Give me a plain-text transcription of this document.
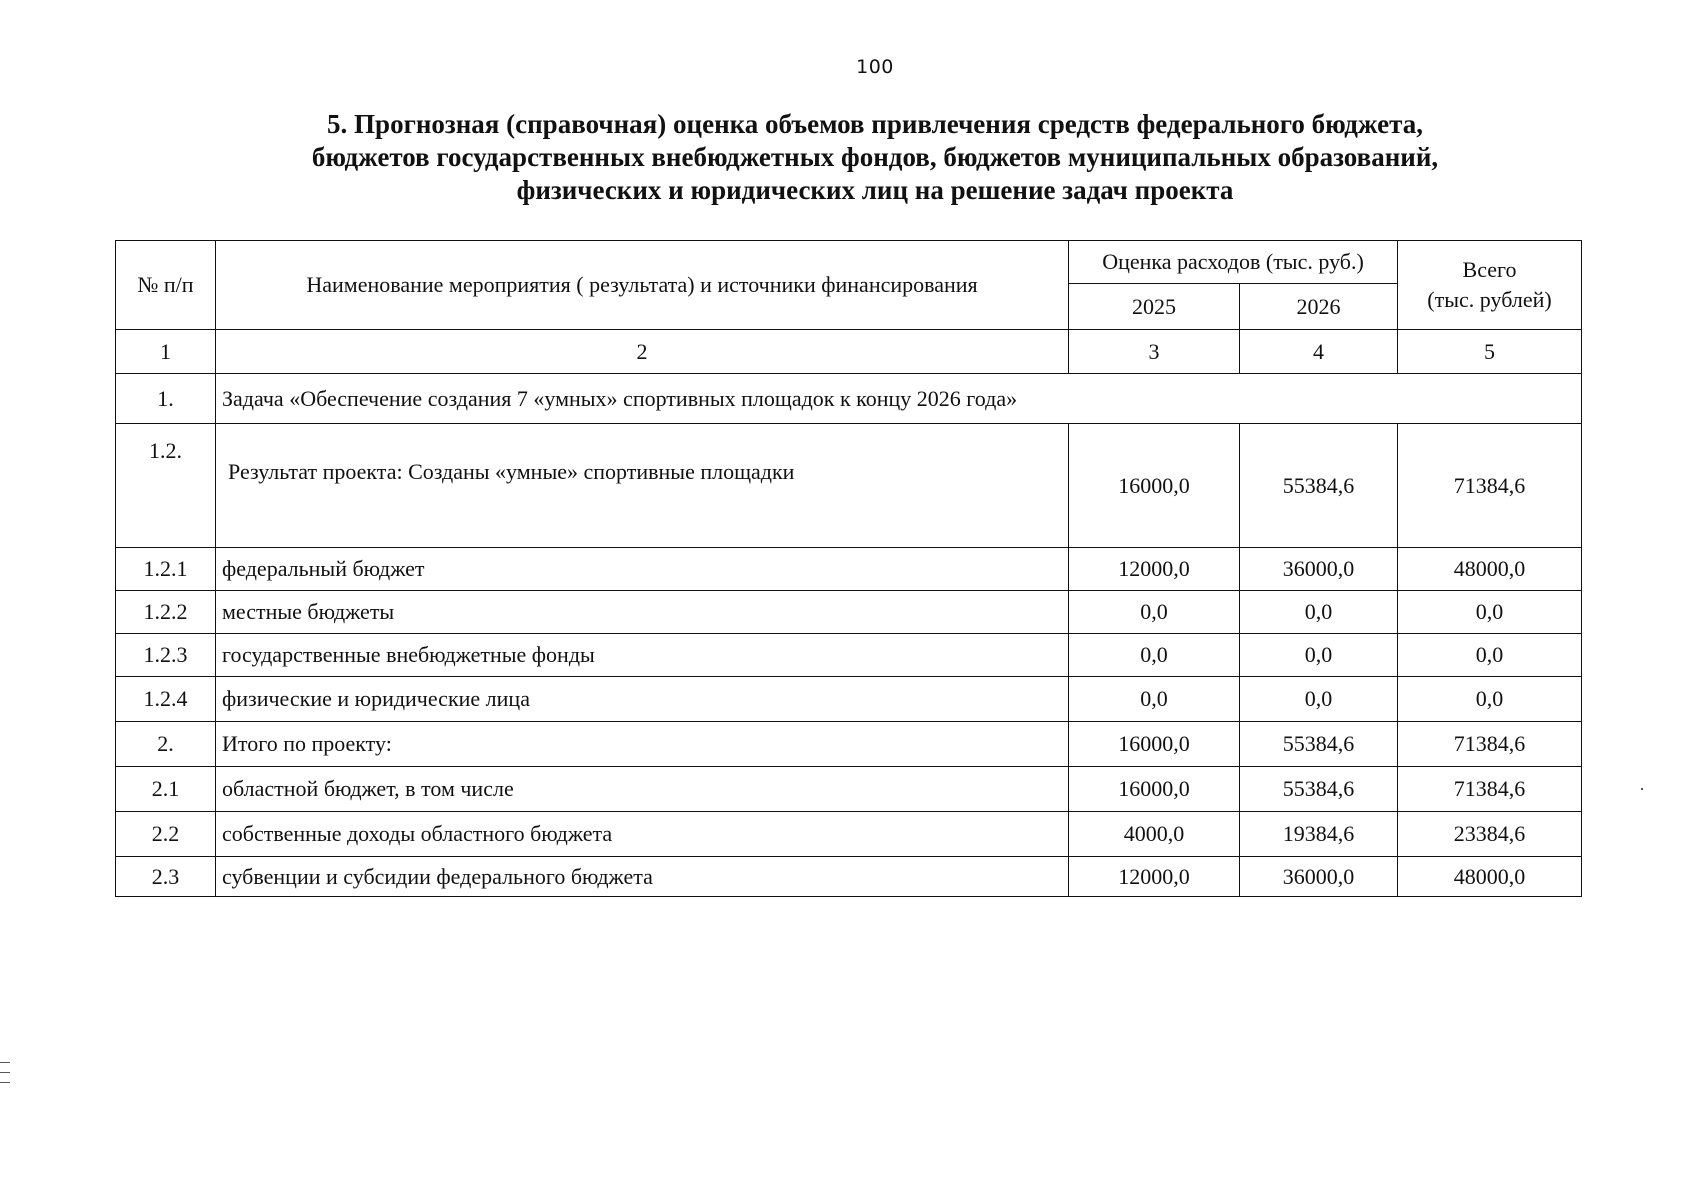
100
5. Прогнозная (справочная) оценка объемов привлечения средств федерального бюджета,
бюджетов государственных внебюджетных фондов, бюджетов муниципальных образований,
физических и юридических лиц на решение задач проекта
№ п/п	Наименование мероприятия ( результата) и источники финансирования	Оценка расходов (тыс. руб.)		Всего
(тыс. рублей)

		2025	2026	
1	2	3	4	5
1.	Задача «Обеспечение создания 7 «умных» спортивных площадок к концу 2026 года»			
1.2.	Результат проекта: Созданы «умные» спортивные площадки	16000,0	55384,6	71384,6
1.2.1	федеральный бюджет	12000,0	36000,0	48000,0
1.2.2	местные бюджеты	0,0	0,0	0,0
1.2.3	государственные внебюджетные фонды	0,0	0,0	0,0
1.2.4	физические и юридические лица	0,0	0,0	0,0
2.	Итого по проекту:	16000,0	55384,6	71384,6
2.1	областной бюджет, в том числе	16000,0	55384,6	71384,6
2.2	собственные доходы областного бюджета	4000,0	19384,6	23384,6
2.3	субвенции и субсидии федерального бюджета	12000,0	36000,0	48000,0
